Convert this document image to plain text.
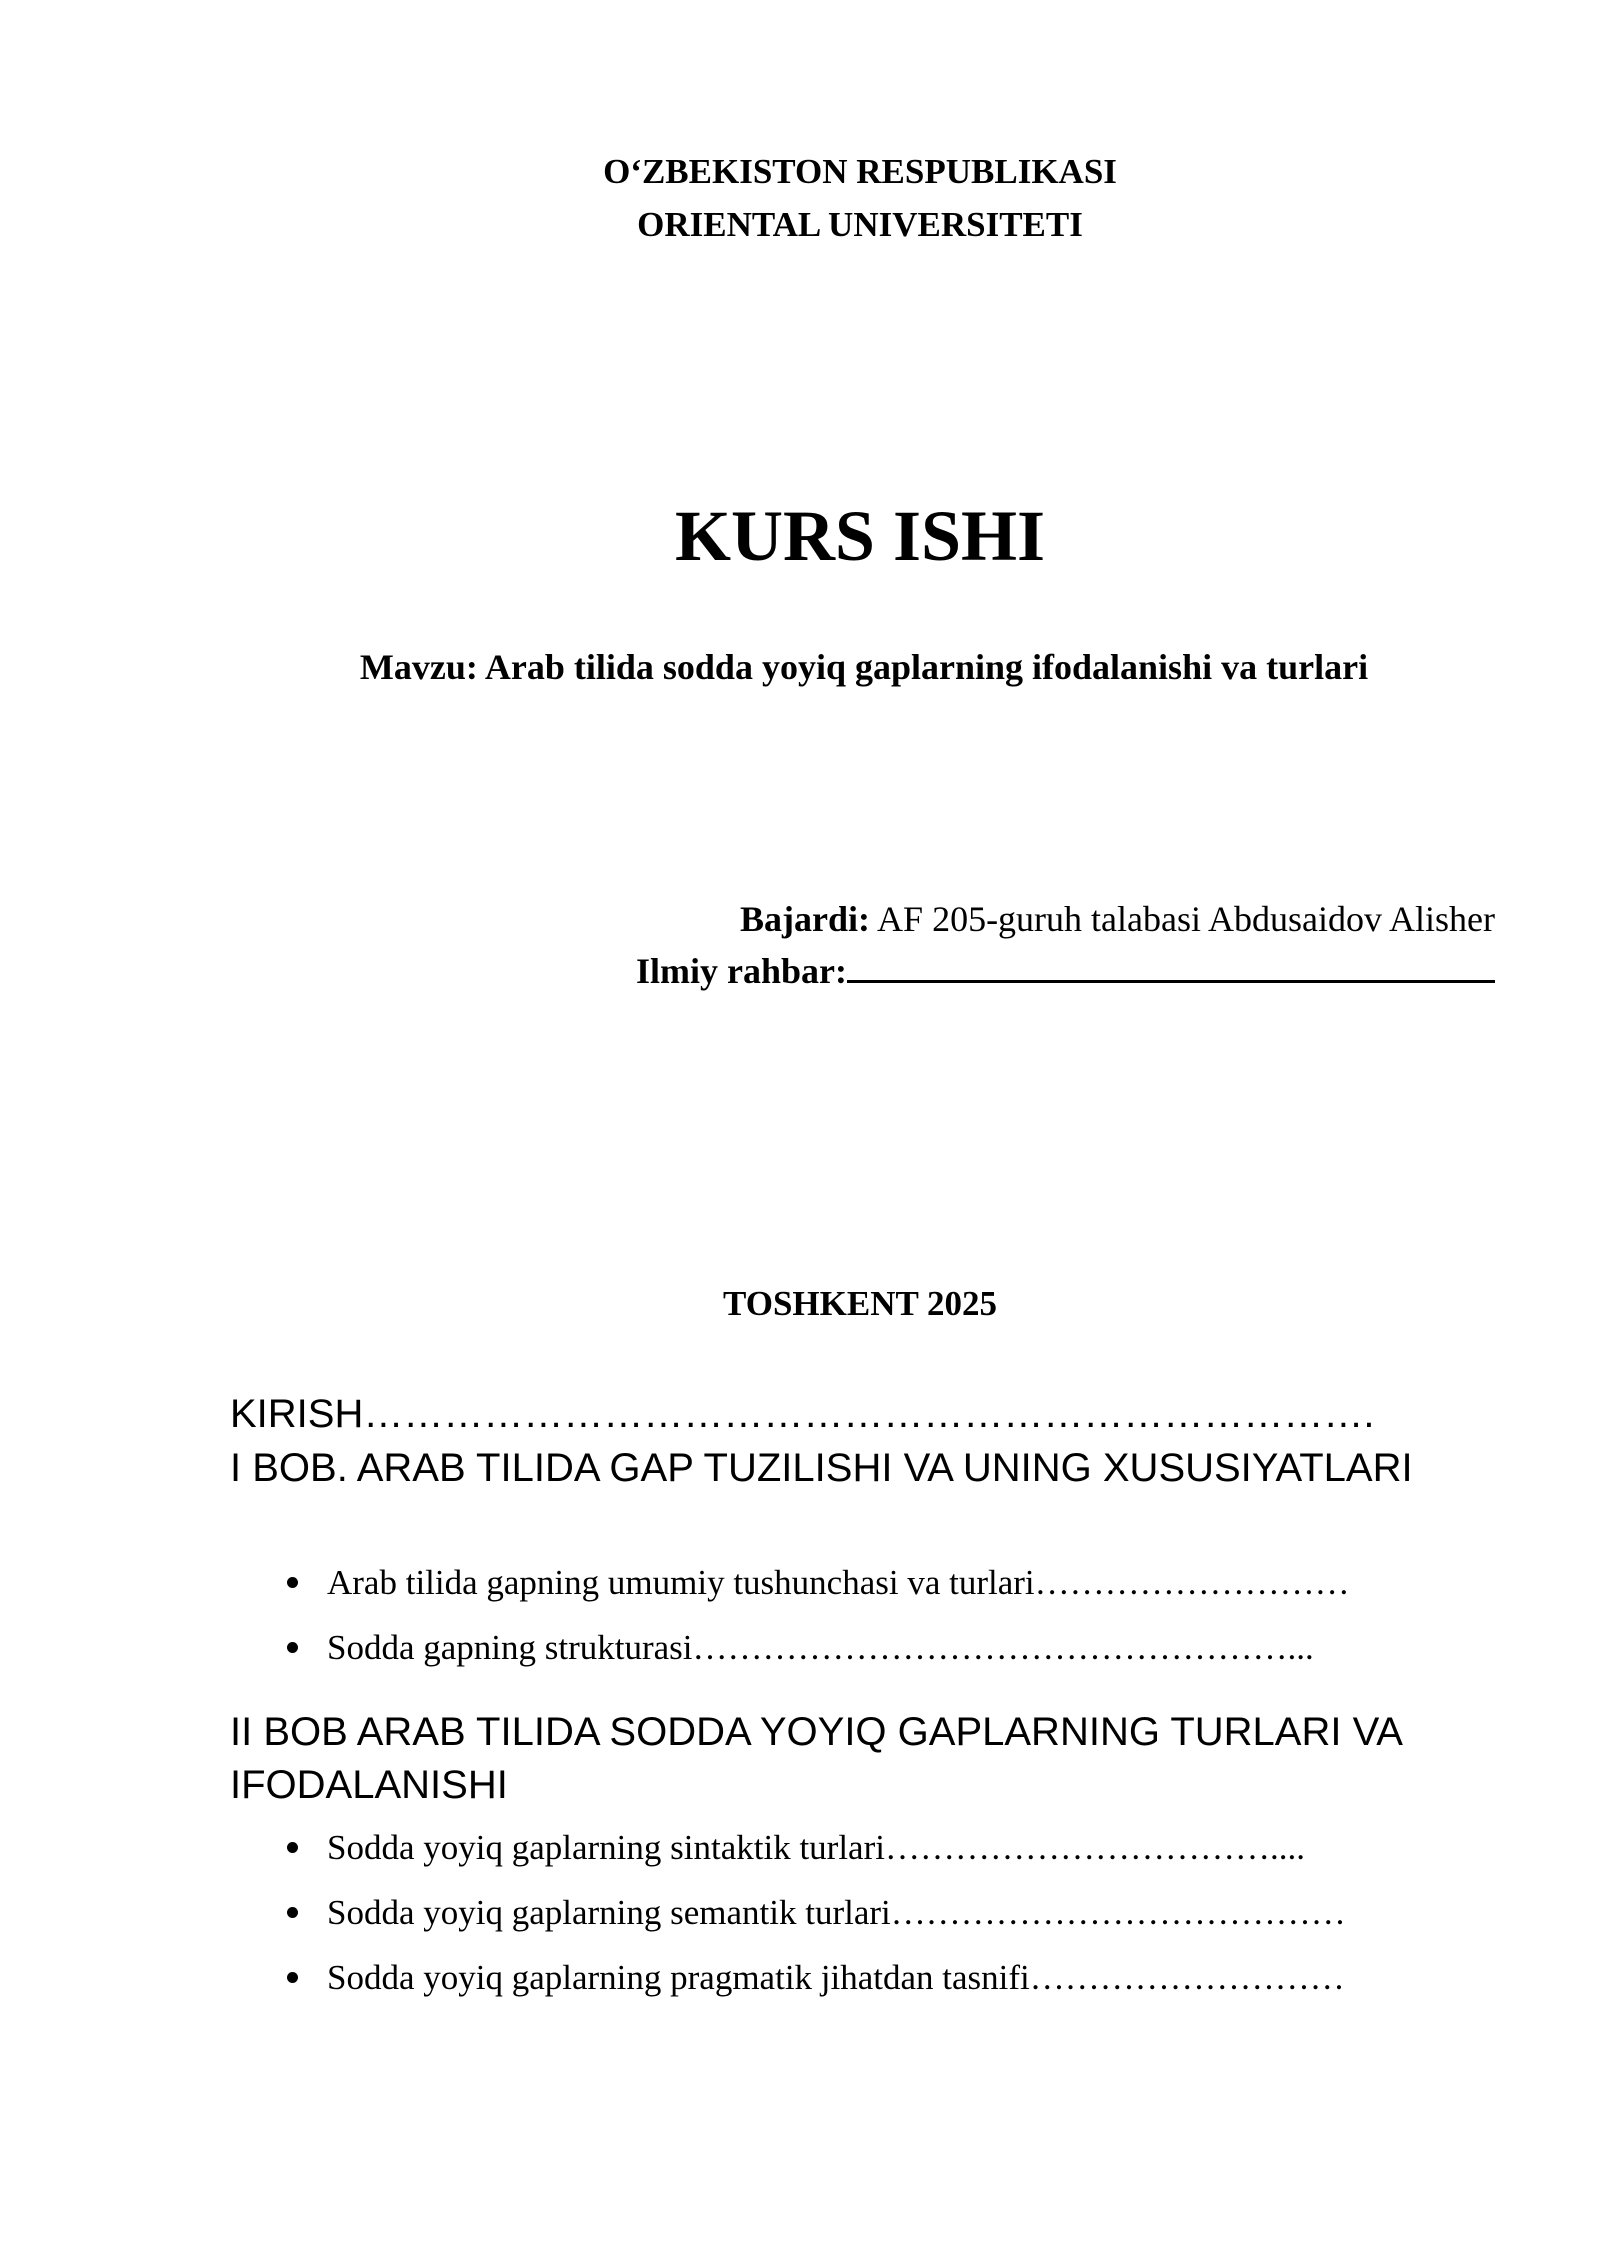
O‘ZBEKISTON RESPUBLIKASI
ORIENTAL UNIVERSITETI
KURS ISHI
Mavzu: Arab tilida sodda yoyiq gaplarning ifodalanishi va turlari
Bajardi: AF 205-guruh talabasi Abdusaidov Alisher
Ilmiy rahbar:
TOSHKENT 2025
KIRISH………………………………………………………………….
I BOB. ARAB TILIDA GAP TUZILISHI VA UNING XUSUSIYATLARI
Arab tilida gapning umumiy tushunchasi va turlari………………………
Sodda gapning strukturasi……………………………………………...
II BOB ARAB TILIDA SODDA YOYIQ GAPLARNING TURLARI VA IFODALANISHI
Sodda yoyiq gaplarning sintaktik turlari……………………………....
Sodda yoyiq gaplarning semantik turlari…………………………………
Sodda yoyiq gaplarning pragmatik jihatdan tasnifi………………………
